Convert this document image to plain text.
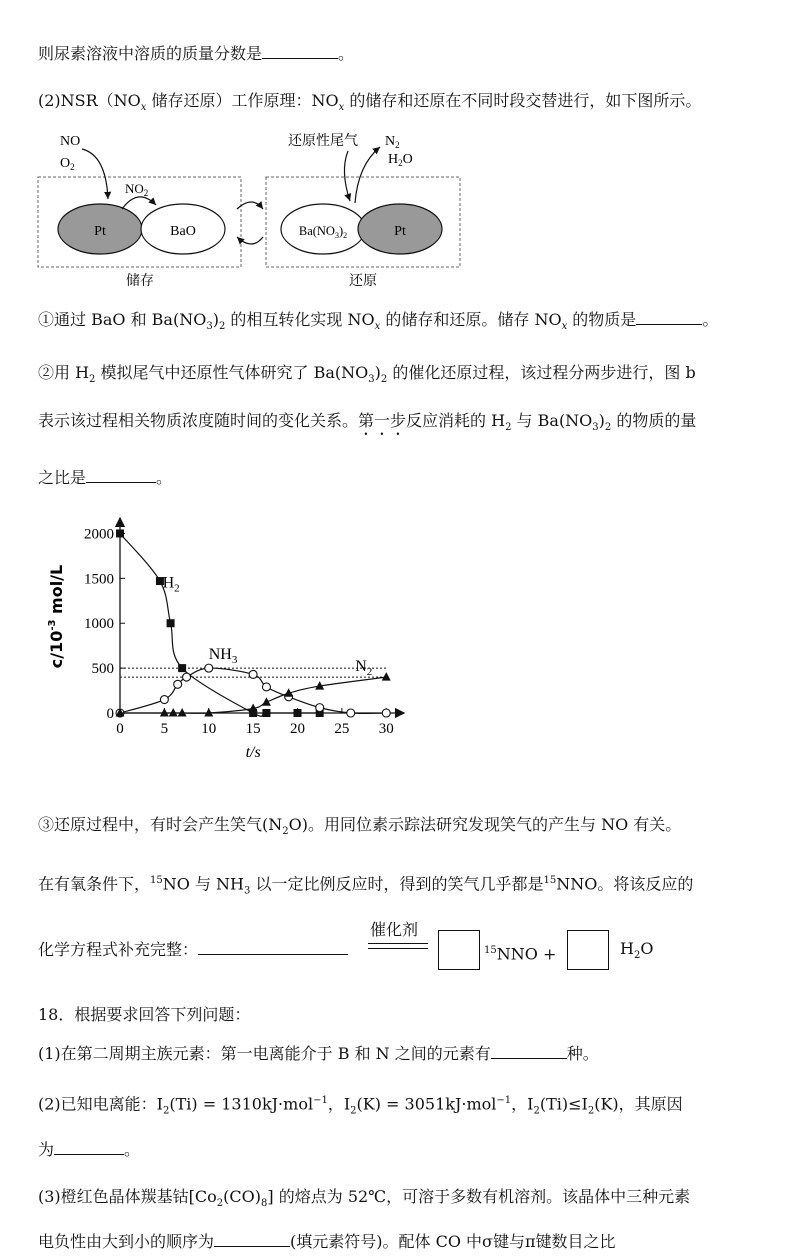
则尿素溶液中溶质的质量分数是	。
$(2)NSR(NO_x$ 储存还原）工作原理：$NO_x$ 的储存和还原在不同时段交替进行，如下图所示。
Pt	BaO
NO
$O_2$
$NO_2$
储存
$Ba(NO_3)_2$	Pt
还原性尾气 $N_2$
$H_2O$
还原
①通过 BaO 和 $Ba(NO_3)_2$ 的相互转化实现 $NO_x$ 的储存和还原。储存 $NO_x$ 的物质是	。
②用 $H_2$ 模拟尾气中还原性气体研究了 $Ba(NO_3)_2$ 的催化还原过程，该过程分两步进行，图 b
表示该过程相关物质浓度随时间的变化关系。第一步反应消耗的 $H_2$ 与 $Ba(NO_3)_2$ 的物质的量
之比是	。
0 5 10 15 20 25 30
0
500
1000
1500
2000
$c/10^{-3}$ mol/L
t/s
$H_2$
$NH_3$	$N_2$
③还原过程中，有时会产生笑气$(N_2O)$。用同位素示踪法研究发现笑气的产生与 NO 有关。
在有氧条件下，$^{15}$NO 与 $NH_3$ 以一定比例反应时，得到的笑气几乎都是$^{15}$NNO。将该反应的
化学方程式补充完整：
催化剂
$^{15}$NNO +	$H_2O$
18．根据要求回答下列问题：
(1)在第二周期主族元素：第一电离能介于 B 和 N 之间的元素有	种。
(2)已知电离能：$I_2(Ti) = 1310kJ\cdot mol^{-1}$，$I_2(K) = 3051kJ\cdot mol^{-1}$，$I_2(Ti)\le I_2(K)$，其原因
为	。
(3)橙红色晶体羰基钴$[Co_2(CO)_8]$ 的熔点为 52℃，可溶于多数有机溶剂。该晶体中三种元素
电负性由大到小的顺序为	(填元素符号)。配体 CO 中σ键与π键数目之比
